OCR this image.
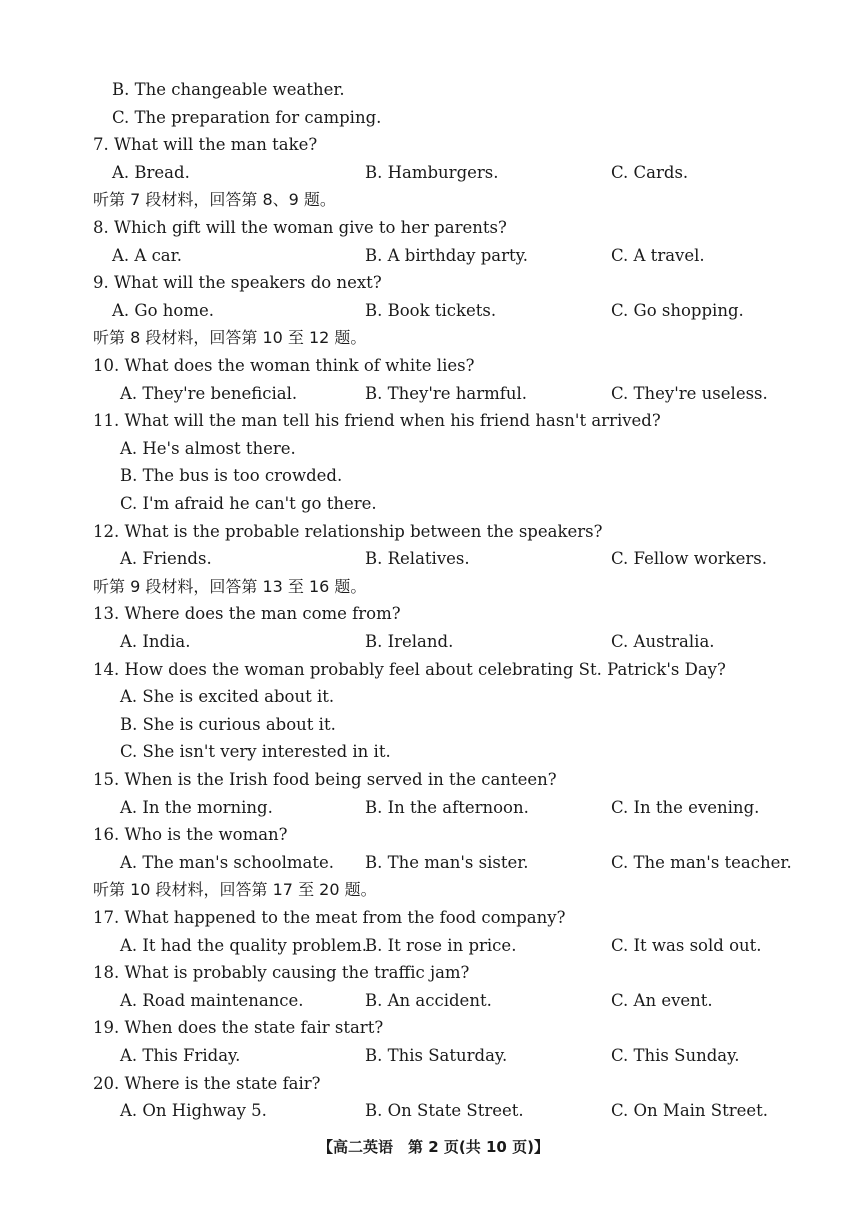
B. The changeable weather.
C. The preparation for camping.
7. What will the man take?
A. Bread.	B. Hamburgers.	C. Cards.
听第 7 段材料，回答第 8、9 题。
8. Which gift will the woman give to her parents?
A. A car.	B. A birthday party.	C. A travel.
9. What will the speakers do next?
A. Go home.	B. Book tickets.	C. Go shopping.
听第 8 段材料，回答第 10 至 12 题。
10. What does the woman think of white lies?
A. They're beneficial.	B. They're harmful.	C. They're useless.
11. What will the man tell his friend when his friend hasn't arrived?
A. He's almost there.
B. The bus is too crowded.
C. I'm afraid he can't go there.
12. What is the probable relationship between the speakers?
A. Friends.	B. Relatives.	C. Fellow workers.
听第 9 段材料，回答第 13 至 16 题。
13. Where does the man come from?
A. India.	B. Ireland.	C. Australia.
14. How does the woman probably feel about celebrating St. Patrick's Day?
A. She is excited about it.
B. She is curious about it.
C. She isn't very interested in it.
15. When is the Irish food being served in the canteen?
A. In the morning.	B. In the afternoon.	C. In the evening.
16. Who is the woman?
A. The man's schoolmate. B. The man's sister.	C. The man's teacher.
听第 10 段材料，回答第 17 至 20 题。
17. What happened to the meat from the food company?
A. It had the quality problem.
B. It rose in price.	C. It was sold out.
18. What is probably causing the traffic jam?
A. Road maintenance.	B. An accident.	C. An event.
19. When does the state fair start?
A. This Friday.	B. This Saturday.	C. This Sunday.
20. Where is the state fair?
A. On Highway 5.	B. On State Street.	C. On Main Street.
【高二英语　第 2 页(共 10 页)】
